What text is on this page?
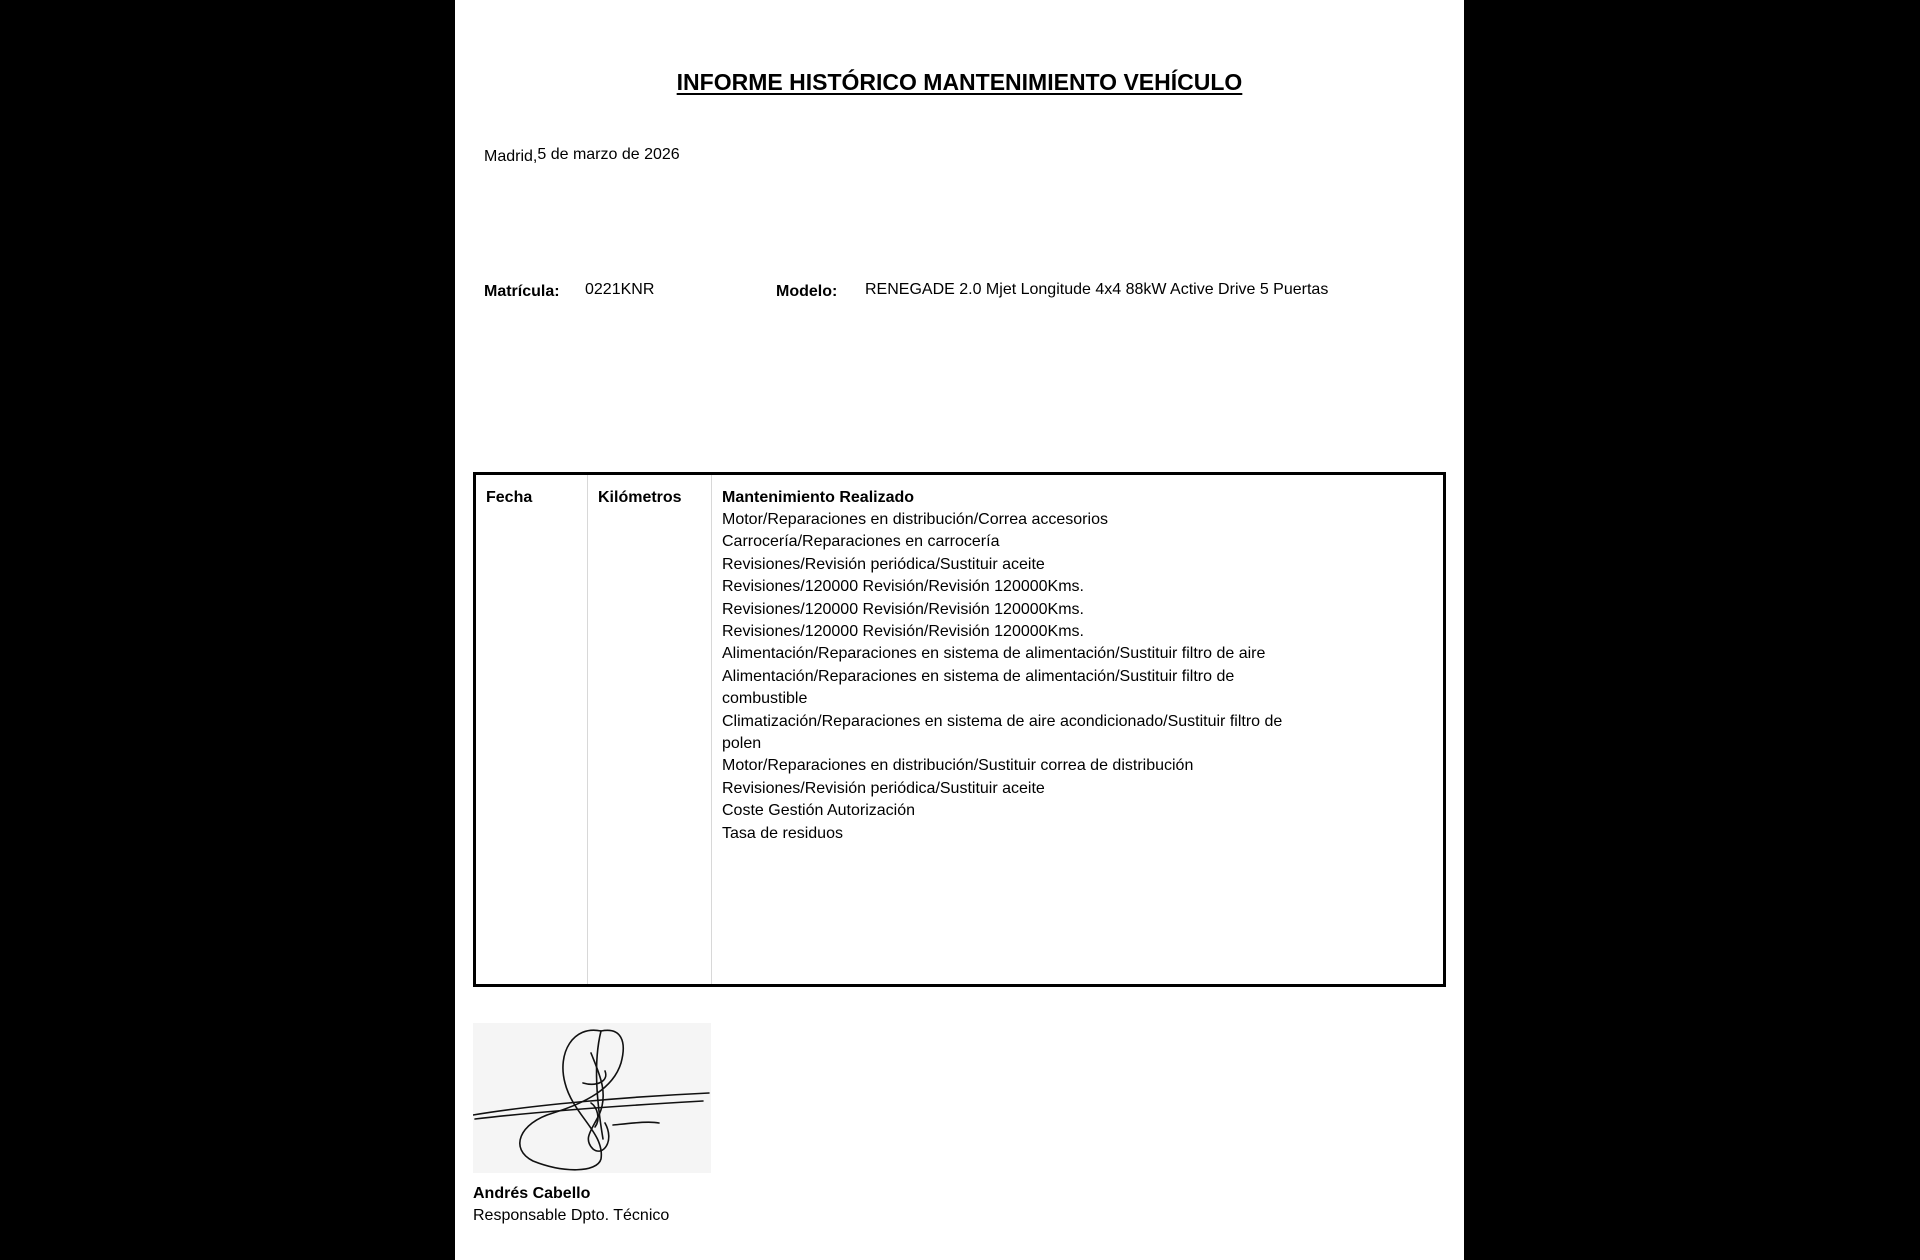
INFORME HISTÓRICO MANTENIMIENTO VEHÍCULO
Madrid,5 de marzo de 2026
Matrícula: 0221KNR	Modelo: RENEGADE 2.0 Mjet Longitude 4x4 88kW Active Drive 5 Puertas
Fecha	Kilómetros	Mantenimiento Realizado
Motor/Reparaciones en distribución/Correa accesorios
Carrocería/Reparaciones en carrocería
Revisiones/Revisión periódica/Sustituir aceite
Revisiones/120000 Revisión/Revisión 120000Kms.
Revisiones/120000 Revisión/Revisión 120000Kms.
Revisiones/120000 Revisión/Revisión 120000Kms.
Alimentación/Reparaciones en sistema de alimentación/Sustituir filtro de aire
Alimentación/Reparaciones en sistema de alimentación/Sustituir filtro de combustible
Climatización/Reparaciones en sistema de aire acondicionado/Sustituir filtro de polen
Motor/Reparaciones en distribución/Sustituir correa de distribución
Revisiones/Revisión periódica/Sustituir aceite
Coste Gestión Autorización
Tasa de residuos
Andrés Cabello
Responsable Dpto. Técnico
